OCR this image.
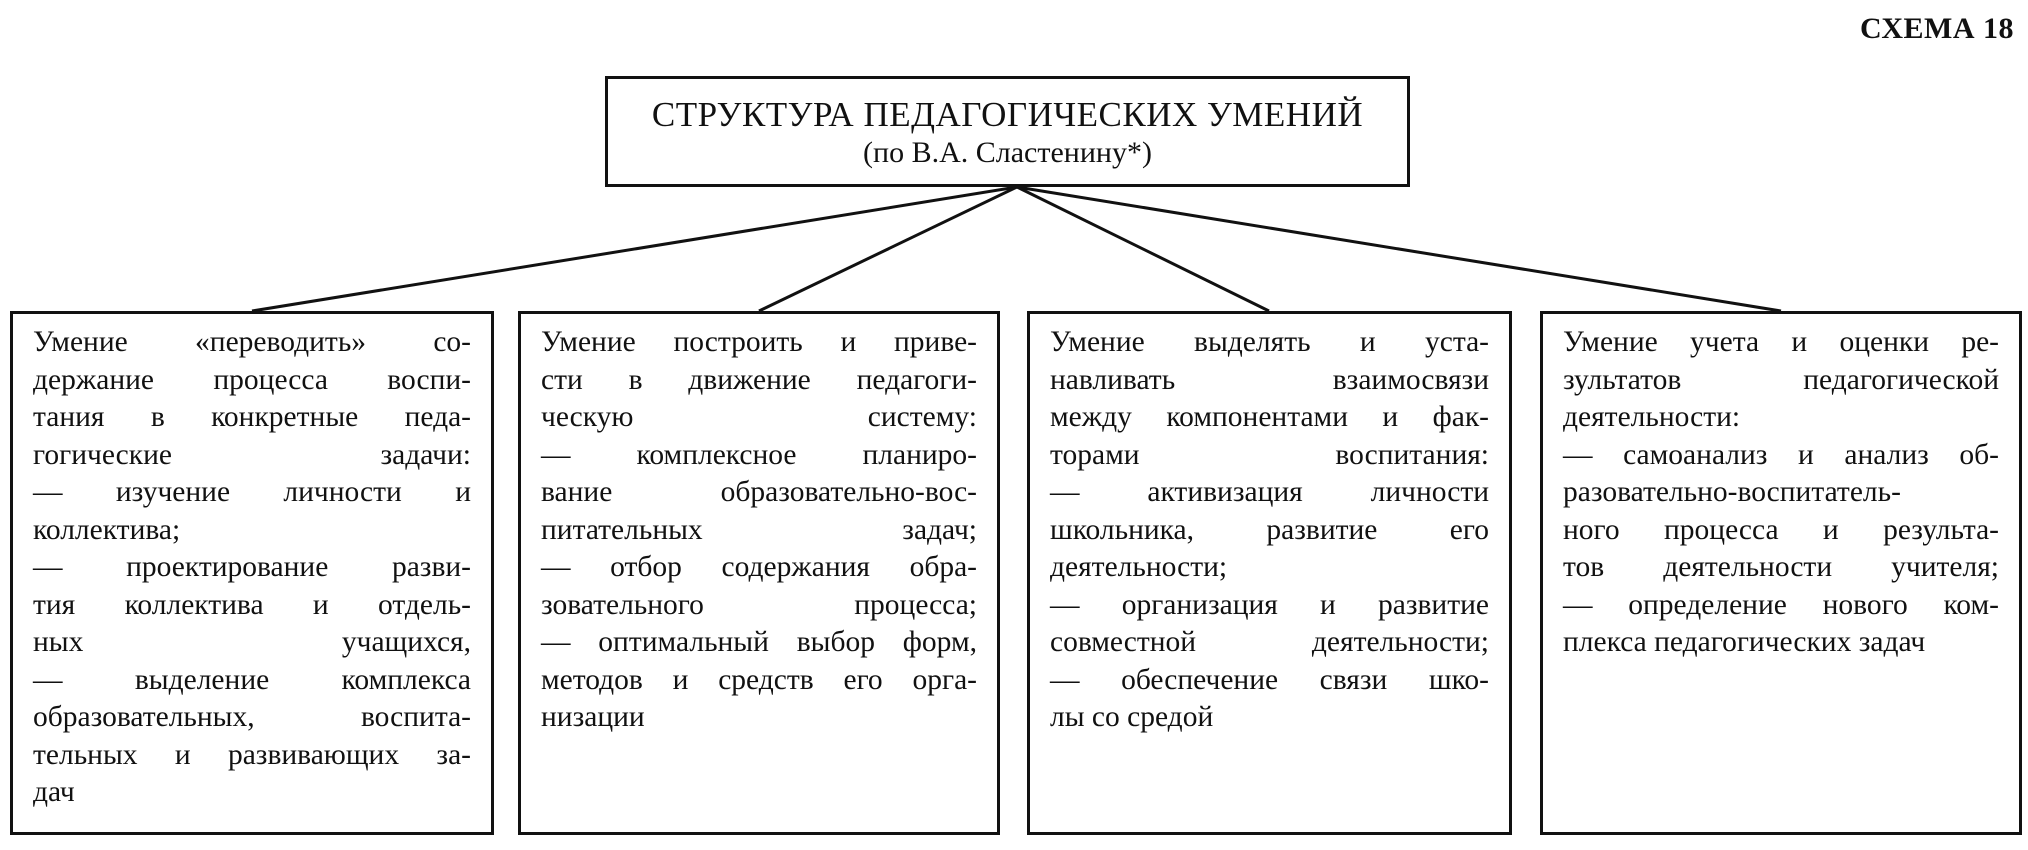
СХЕМА 18
СТРУКТУРА ПЕДАГОГИЧЕСКИХ УМЕНИЙ
(по В.А. Сластенину*)
Умение «переводить» со-
держание процесса воспи-
тания в конкретные педа-
гогические задачи:
— изучение личности и
коллектива;
— проектирование разви-
тия коллектива и отдель-
ных учащихся,
— выделение комплекса
образовательных, воспита-
тельных и развивающих за-
дач
Умение построить и приве-
сти в движение педагоги-
ческую систему:
— комплексное планиро-
вание образовательно-вос-
питательных задач;
— отбор содержания обра-
зовательного процесса;
— оптимальный выбор форм,
методов и средств его орга-
низации
Умение выделять и уста-
навливать взаимосвязи
между компонентами и фак-
торами воспитания:
— активизация личности
школьника, развитие его
деятельности;
— организация и развитие
совместной деятельности;
— обеспечение связи шко-
лы со средой
Умение учета и оценки ре-
зультатов педагогической
деятельности:
— самоанализ и анализ об-
разовательно-воспитатель-
ного процесса и результа-
тов деятельности учителя;
— определение нового ком-
плекса педагогических задач
